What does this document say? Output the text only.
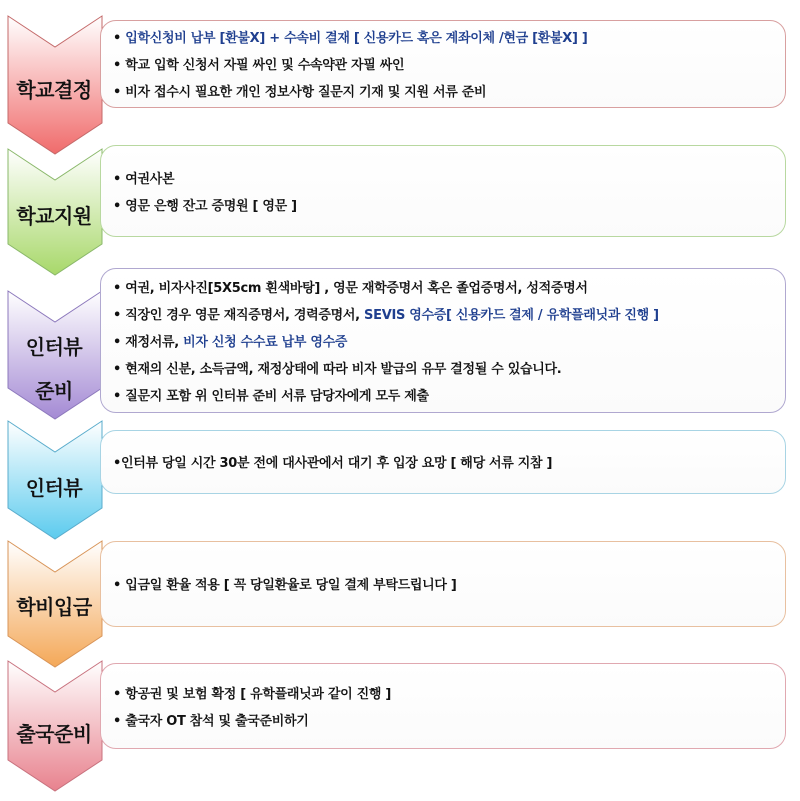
• 입학신청비 납부 [환불X] + 수속비 결재 [ 신용카드 혹은 계좌이체 /현금 [환불X] ]
• 학교 입학 신청서 자필 싸인 및 수속약관 자필 싸인
• 비자 접수시 필요한 개인 정보사항 질문지 기재 및 지원 서류 준비
학교결정
• 여권사본
• 영문 은행 잔고 증명원 [ 영문 ]
학교지원
• 여권, 비자사진[5X5cm 흰색바탕] , 영문 재학증명서 혹은 졸업증명서, 성적증명서
• 직장인 경우 영문 재직증명서, 경력증명서, SEVIS 영수증[ 신용카드 결제 / 유학플래닛과 진행 ]
• 재정서류, 비자 신청 수수료 납부 영수증
• 현재의 신분, 소득금액, 재정상태에 따라 비자 발급의 유무 결정될 수 있습니다.
• 질문지 포함 위 인터뷰 준비 서류 담당자에게 모두 제출
인터뷰
준비
•인터뷰 당일 시간 30분 전에 대사관에서 대기 후 입장 요망 [ 해당 서류 지참 ]
인터뷰
• 입금일 환율 적용 [ 꼭 당일환율로 당일 결제 부탁드립니다 ]
학비입금
• 항공권 및 보험 확정 [ 유학플래닛과 같이 진행 ]
• 출국자 OT 참석 및 출국준비하기
출국준비
